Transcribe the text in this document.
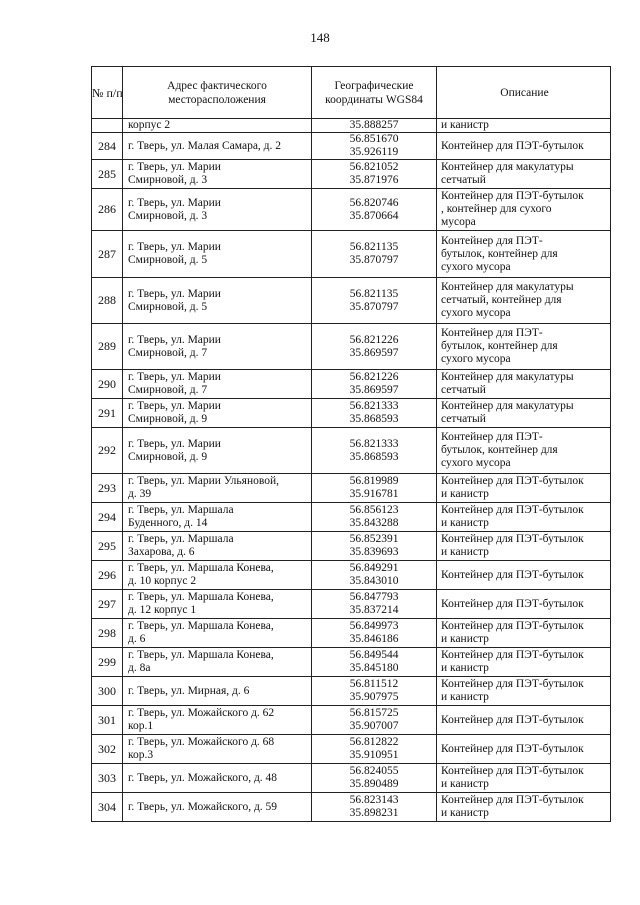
148
№ п/п	Адрес фактического месторасположения	Географические координаты WGS84	Описание

	корпус 2	35.888257	и канистр

284	г. Тверь, ул. Малая Самара, д. 2	56.851670
35.926119	Контейнер для ПЭТ-бутылок

285	г. Тверь, ул. Марии
Смирновой, д. 3	56.821052
35.871976	Контейнер для макулатуры
сетчатый

286	г. Тверь, ул. Марии
Смирновой, д. 3	56.820746
35.870664	Контейнер для ПЭТ-бутылок
, контейнер для сухого
мусора

287	г. Тверь, ул. Марии
Смирновой, д. 5	56.821135
35.870797	Контейнер для ПЭТ-
бутылок, контейнер для
сухого мусора

288	г. Тверь, ул. Марии
Смирновой, д. 5	56.821135
35.870797	Контейнер для макулатуры
сетчатый, контейнер для
сухого мусора

289	г. Тверь, ул. Марии
Смирновой, д. 7	56.821226
35.869597	Контейнер для ПЭТ-
бутылок, контейнер для
сухого мусора

290	г. Тверь, ул. Марии
Смирновой, д. 7	56.821226
35.869597	Контейнер для макулатуры
сетчатый

291	г. Тверь, ул. Марии
Смирновой, д. 9	56.821333
35.868593	Контейнер для макулатуры
сетчатый

292	г. Тверь, ул. Марии
Смирновой, д. 9	56.821333
35.868593	Контейнер для ПЭТ-
бутылок, контейнер для
сухого мусора

293	г. Тверь, ул. Марии Ульяновой,
д. 39	56.819989
35.916781	Контейнер для ПЭТ-бутылок
и канистр

294	г. Тверь, ул. Маршала
Буденного, д. 14	56.856123
35.843288	Контейнер для ПЭТ-бутылок
и канистр

295	г. Тверь, ул. Маршала
Захарова, д. 6	56.852391
35.839693	Контейнер для ПЭТ-бутылок
и канистр

296	г. Тверь, ул. Маршала Конева,
д. 10 корпус 2	56.849291
35.843010	Контейнер для ПЭТ-бутылок

297	г. Тверь, ул. Маршала Конева,
д. 12 корпус 1	56.847793
35.837214	Контейнер для ПЭТ-бутылок

298	г. Тверь, ул. Маршала Конева,
д. 6	56.849973
35.846186	Контейнер для ПЭТ-бутылок
и канистр

299	г. Тверь, ул. Маршала Конева,
д. 8а	56.849544
35.845180	Контейнер для ПЭТ-бутылок
и канистр

300	г. Тверь, ул. Мирная, д. 6	56.811512
35.907975	Контейнер для ПЭТ-бутылок
и канистр

301	г. Тверь, ул. Можайского д. 62
кор.1	56.815725
35.907007	Контейнер для ПЭТ-бутылок

302	г. Тверь, ул. Можайского д. 68
кор.3	56.812822
35.910951	Контейнер для ПЭТ-бутылок

303	г. Тверь, ул. Можайского, д. 48	56.824055
35.890489	Контейнер для ПЭТ-бутылок
и канистр

304	г. Тверь, ул. Можайского, д. 59	56.823143
35.898231	Контейнер для ПЭТ-бутылок
и канистр
